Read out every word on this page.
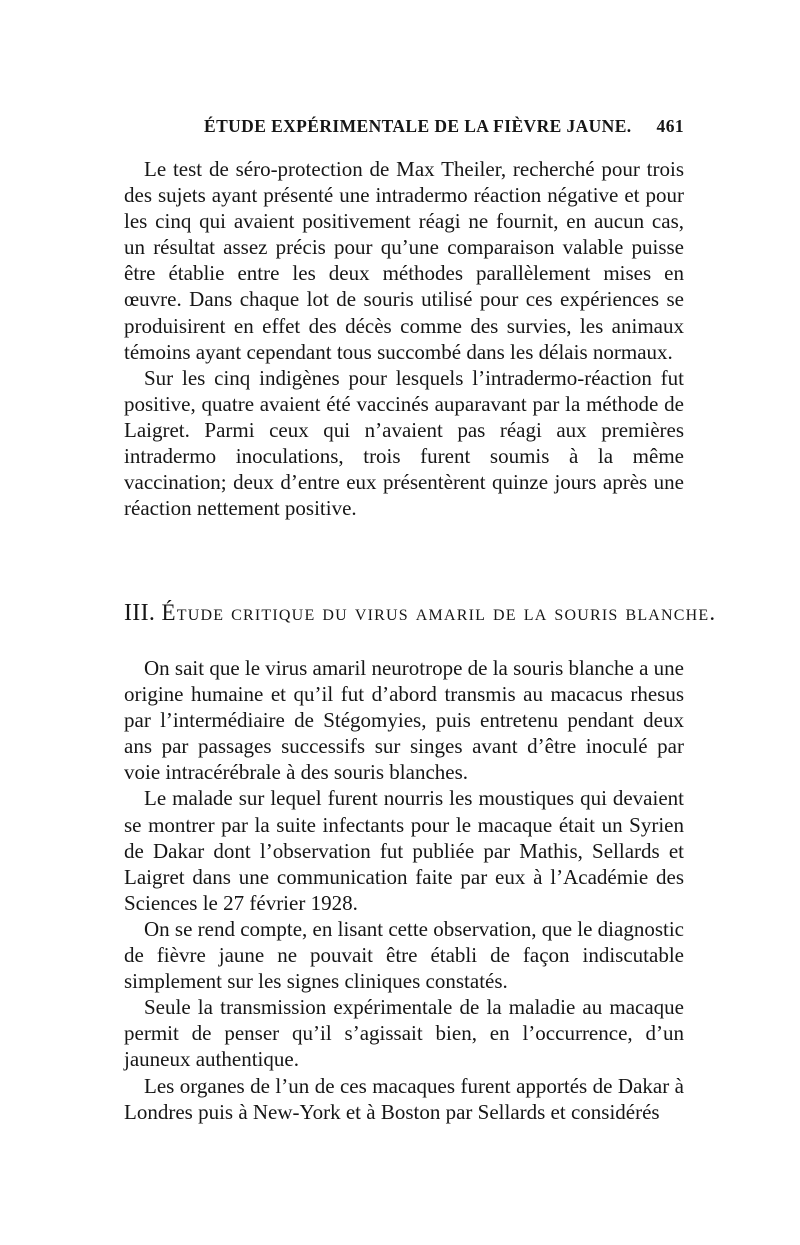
ÉTUDE EXPÉRIMENTALE DE LA FIÈVRE JAUNE. 461

Le test de séro-protection de Max Theiler, recherché pour trois des sujets ayant présenté une intradermo réaction négative et pour les cinq qui avaient positivement réagi ne fournit, en aucun cas, un résultat assez précis pour qu’une comparaison valable puisse être établie entre les deux méthodes parallèlement mises en œuvre. Dans chaque lot de souris utilisé pour ces expériences se produisirent en effet des décès comme des survies, les animaux témoins ayant cependant tous succombé dans les délais normaux.

Sur les cinq indigènes pour lesquels l’intradermo-réaction fut positive, quatre avaient été vaccinés auparavant par la méthode de Laigret. Parmi ceux qui n’avaient pas réagi aux premières intradermo inoculations, trois furent soumis à la même vaccination; deux d’entre eux présentèrent quinze jours après une réaction nettement positive.

III. Étude critique du virus amaril de la souris blanche.

On sait que le virus amaril neurotrope de la souris blanche a une origine humaine et qu’il fut d’abord transmis au macacus rhesus par l’intermédiaire de Stégomyies, puis entretenu pendant deux ans par passages successifs sur singes avant d’être inoculé par voie intracérébrale à des souris blanches.

Le malade sur lequel furent nourris les moustiques qui devaient se montrer par la suite infectants pour le macaque était un Syrien de Dakar dont l’observation fut publiée par Mathis, Sellards et Laigret dans une communication faite par eux à l’Académie des Sciences le 27 février 1928.

On se rend compte, en lisant cette observation, que le diagnostic de fièvre jaune ne pouvait être établi de façon indiscutable simplement sur les signes cliniques constatés.

Seule la transmission expérimentale de la maladie au macaque permit de penser qu’il s’agissait bien, en l’occurrence, d’un jauneux authentique.

Les organes de l’un de ces macaques furent apportés de Dakar à Londres puis à New-York et à Boston par Sellards et considérés
